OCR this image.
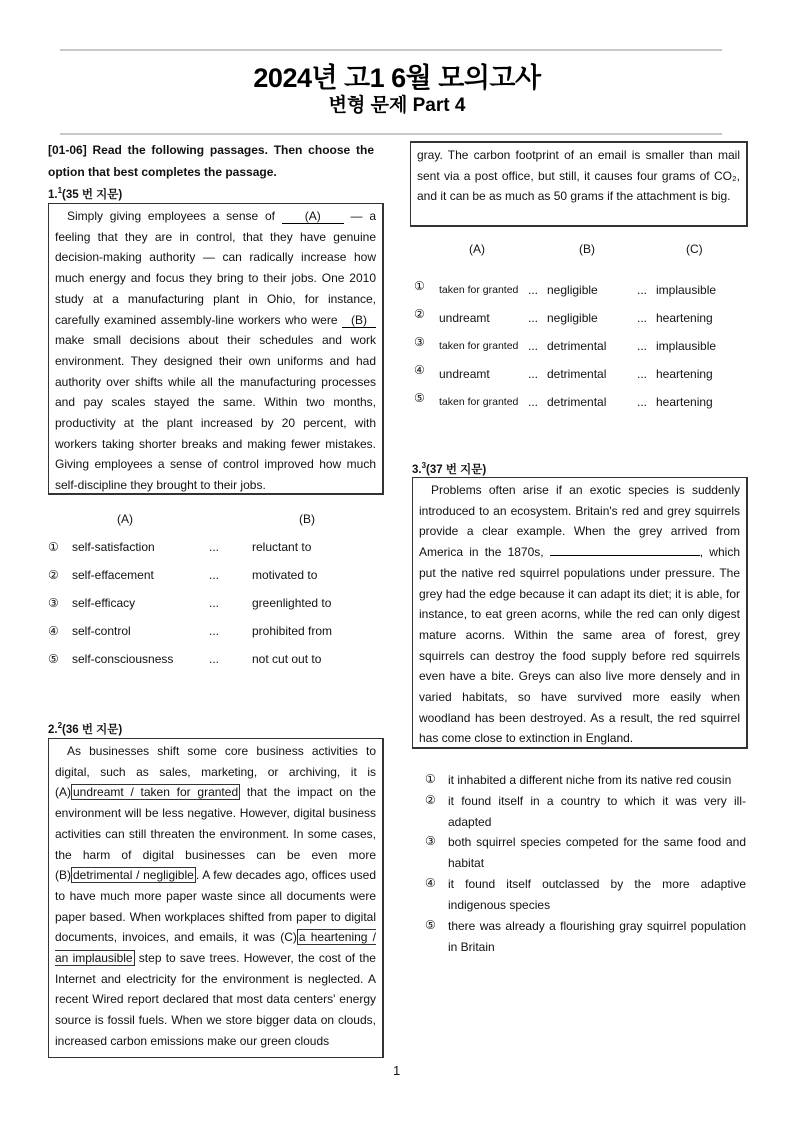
2024년 고1 6월 모의고사
변형 문제 Part 4
[01-06] Read the following passages. Then choose the option that best completes the passage.
1.$^1$(35 번 지문)
Simply giving employees a sense of (A) — a feeling that they are in control, that they have genuine decision-making authority — can radically increase how much energy and focus they bring to their jobs. One 2010 study at a manufacturing plant in Ohio, for instance, carefully examined assembly-line workers who were (B) make small decisions about their schedules and work environment. They designed their own uniforms and had authority over shifts while all the manufacturing processes and pay scales stayed the same. Within two months, productivity at the plant increased by 20 percent, with workers taking shorter breaks and making fewer mistakes. Giving employees a sense of control improved how much self-discipline they brought to their jobs.
(A)	(B)
① self-satisfaction	...	reluctant to
② self-effacement	...	motivated to
③ self-efficacy	...	greenlighted to
④ self-control	...	prohibited from
⑤ self-consciousness	...	not cut out to
2.$^2$(36 번 지문)
As businesses shift some core business activities to digital, such as sales, marketing, or archiving, it is (A) undreamt / taken for granted that the impact on the environment will be less negative. However, digital business activities can still threaten the environment. In some cases, the harm of digital businesses can be even more (B) detrimental / negligible . A few decades ago, offices used to have much more paper waste since all documents were paper based. When workplaces shifted from paper to digital documents, invoices, and emails, it was (C) a heartening / an implausible step to save trees. However, the cost of the Internet and electricity for the environment is neglected. A recent Wired report declared that most data centers' energy source is fossil fuels. When we store bigger data on clouds, increased carbon emissions make our green clouds
gray. The carbon footprint of an email is smaller than mail sent via a post office, but still, it causes four grams of CO₂, and it can be as much as 50 grams if the attachment is big.
(A)	(B)	(C)
① taken for granted ... negligible	... implausible
② undreamt	... negligible	... heartening
③ taken for granted ... detrimental	... implausible
④ undreamt	... detrimental	... heartening
⑤ taken for granted ... detrimental	... heartening
3.$^3$(37 번 지문)
Problems often arise if an exotic species is suddenly introduced to an ecosystem. Britain's red and grey squirrels provide a clear example. When the grey arrived from America in the 1870s,	, which put the native red squirrel populations under pressure. The grey had the edge because it can adapt its diet; it is able, for instance, to eat green acorns, while the red can only digest mature acorns. Within the same area of forest, grey squirrels can destroy the food supply before red squirrels even have a bite. Greys can also live more densely and in varied habitats, so have survived more easily when woodland has been destroyed. As a result, the red squirrel has come close to extinction in England.
① it inhabited a different niche from its native red cousin
② it found itself in a country to which it was very ill-adapted
③ both squirrel species competed for the same food and habitat
④ it found itself outclassed by the more adaptive indigenous species
⑤ there was already a flourishing gray squirrel population in Britain
1
